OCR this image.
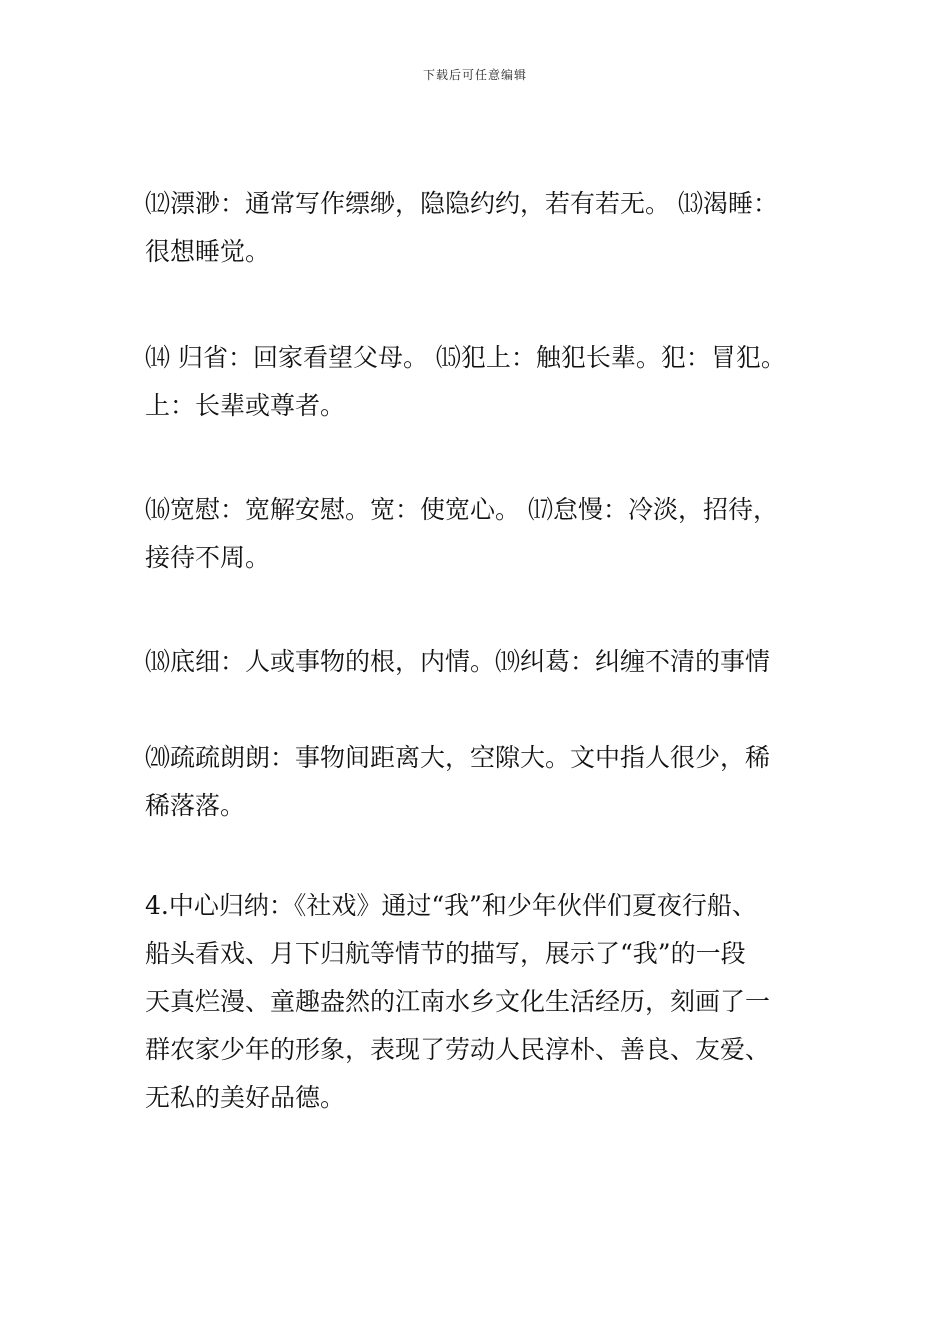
下载后可任意编辑

⑿漂渺：通常写作缥缈，隐隐约约，若有若无。 ⒀渴睡：
很想睡觉。

⒁ 归省：回家看望父母。 ⒂犯上：触犯长辈。犯：冒犯。
上：长辈或尊者。

⒃宽慰：宽解安慰。宽：使宽心。 ⒄怠慢：冷淡，招待，
接待不周。

⒅底细：人或事物的根，内情。⒆纠葛：纠缠不清的事情

⒇疏疏朗朗：事物间距离大，空隙大。文中指人很少，稀
稀落落。

4.中心归纳：《社戏》通过“我”和少年伙伴们夏夜行船、
船头看戏、月下归航等情节的描写，展示了“我”的一段
天真烂漫、童趣盎然的江南水乡文化生活经历，刻画了一
群农家少年的形象，表现了劳动人民淳朴、善良、友爱、
无私的美好品德。
